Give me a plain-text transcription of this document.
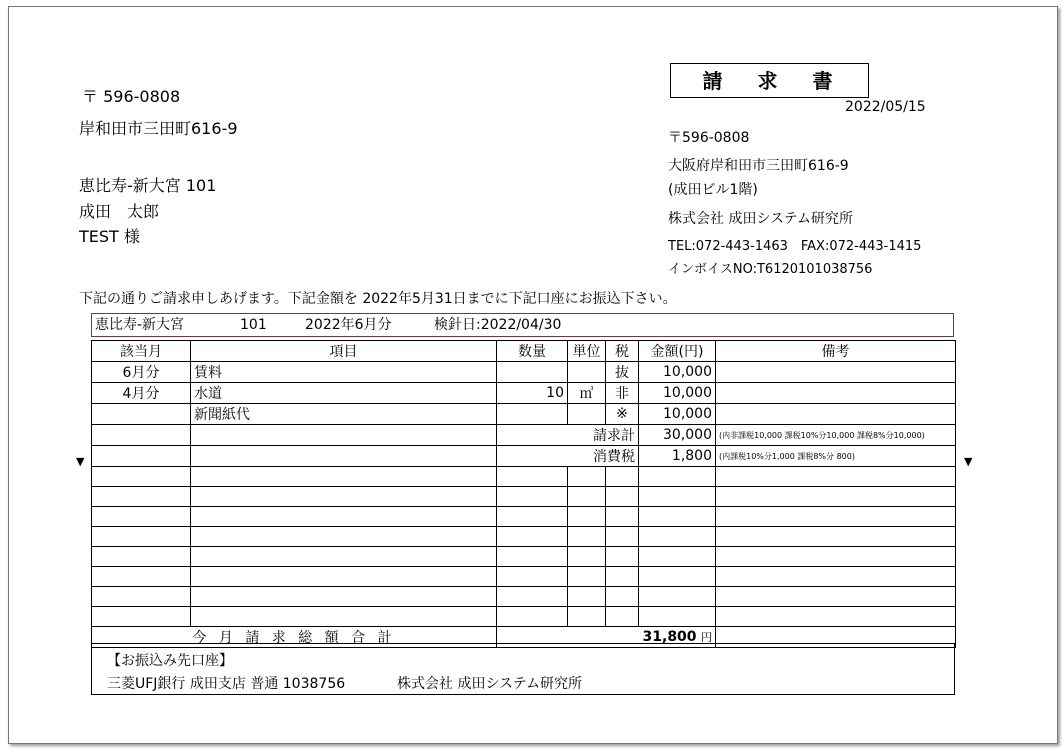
請 求 書
2022/05/15
〒 596-0808
岸和田市三田町616-9
恵比寿-新大宮 101
成田　太郎
TEST 様
〒596-0808
大阪府岸和田市三田町616-9
(成田ビル1階)
株式会社 成田システム研究所
TEL:072-443-1463　FAX:072-443-1415
インボイスNO:T6120101038756
下記の通りご請求申しあげます。下記金額を 2022年5月31日までに下記口座にお振込下さい。
▼	▼
恵比寿-新大宮	101	2022年6月分	検針日:2022/04/30
該当月	項目	数量	単位	税	金額(円)	備考
6月分	賃料			抜	10,000	
4月分	水道	10	㎥	非	10,000	
	新聞紙代			※	10,000	
		請求計			30,000	(内非課税10,000 課税10%分10,000 課税8%分10,000)
		消費税			1,800	(内課税10%分1,000 課税8%分 800)

今 月 請 求 総 額 合 計		31,800 円				
【お振込み先口座】
三菱UFJ銀行 成田支店 普通 1038756	株式会社 成田システム研究所
